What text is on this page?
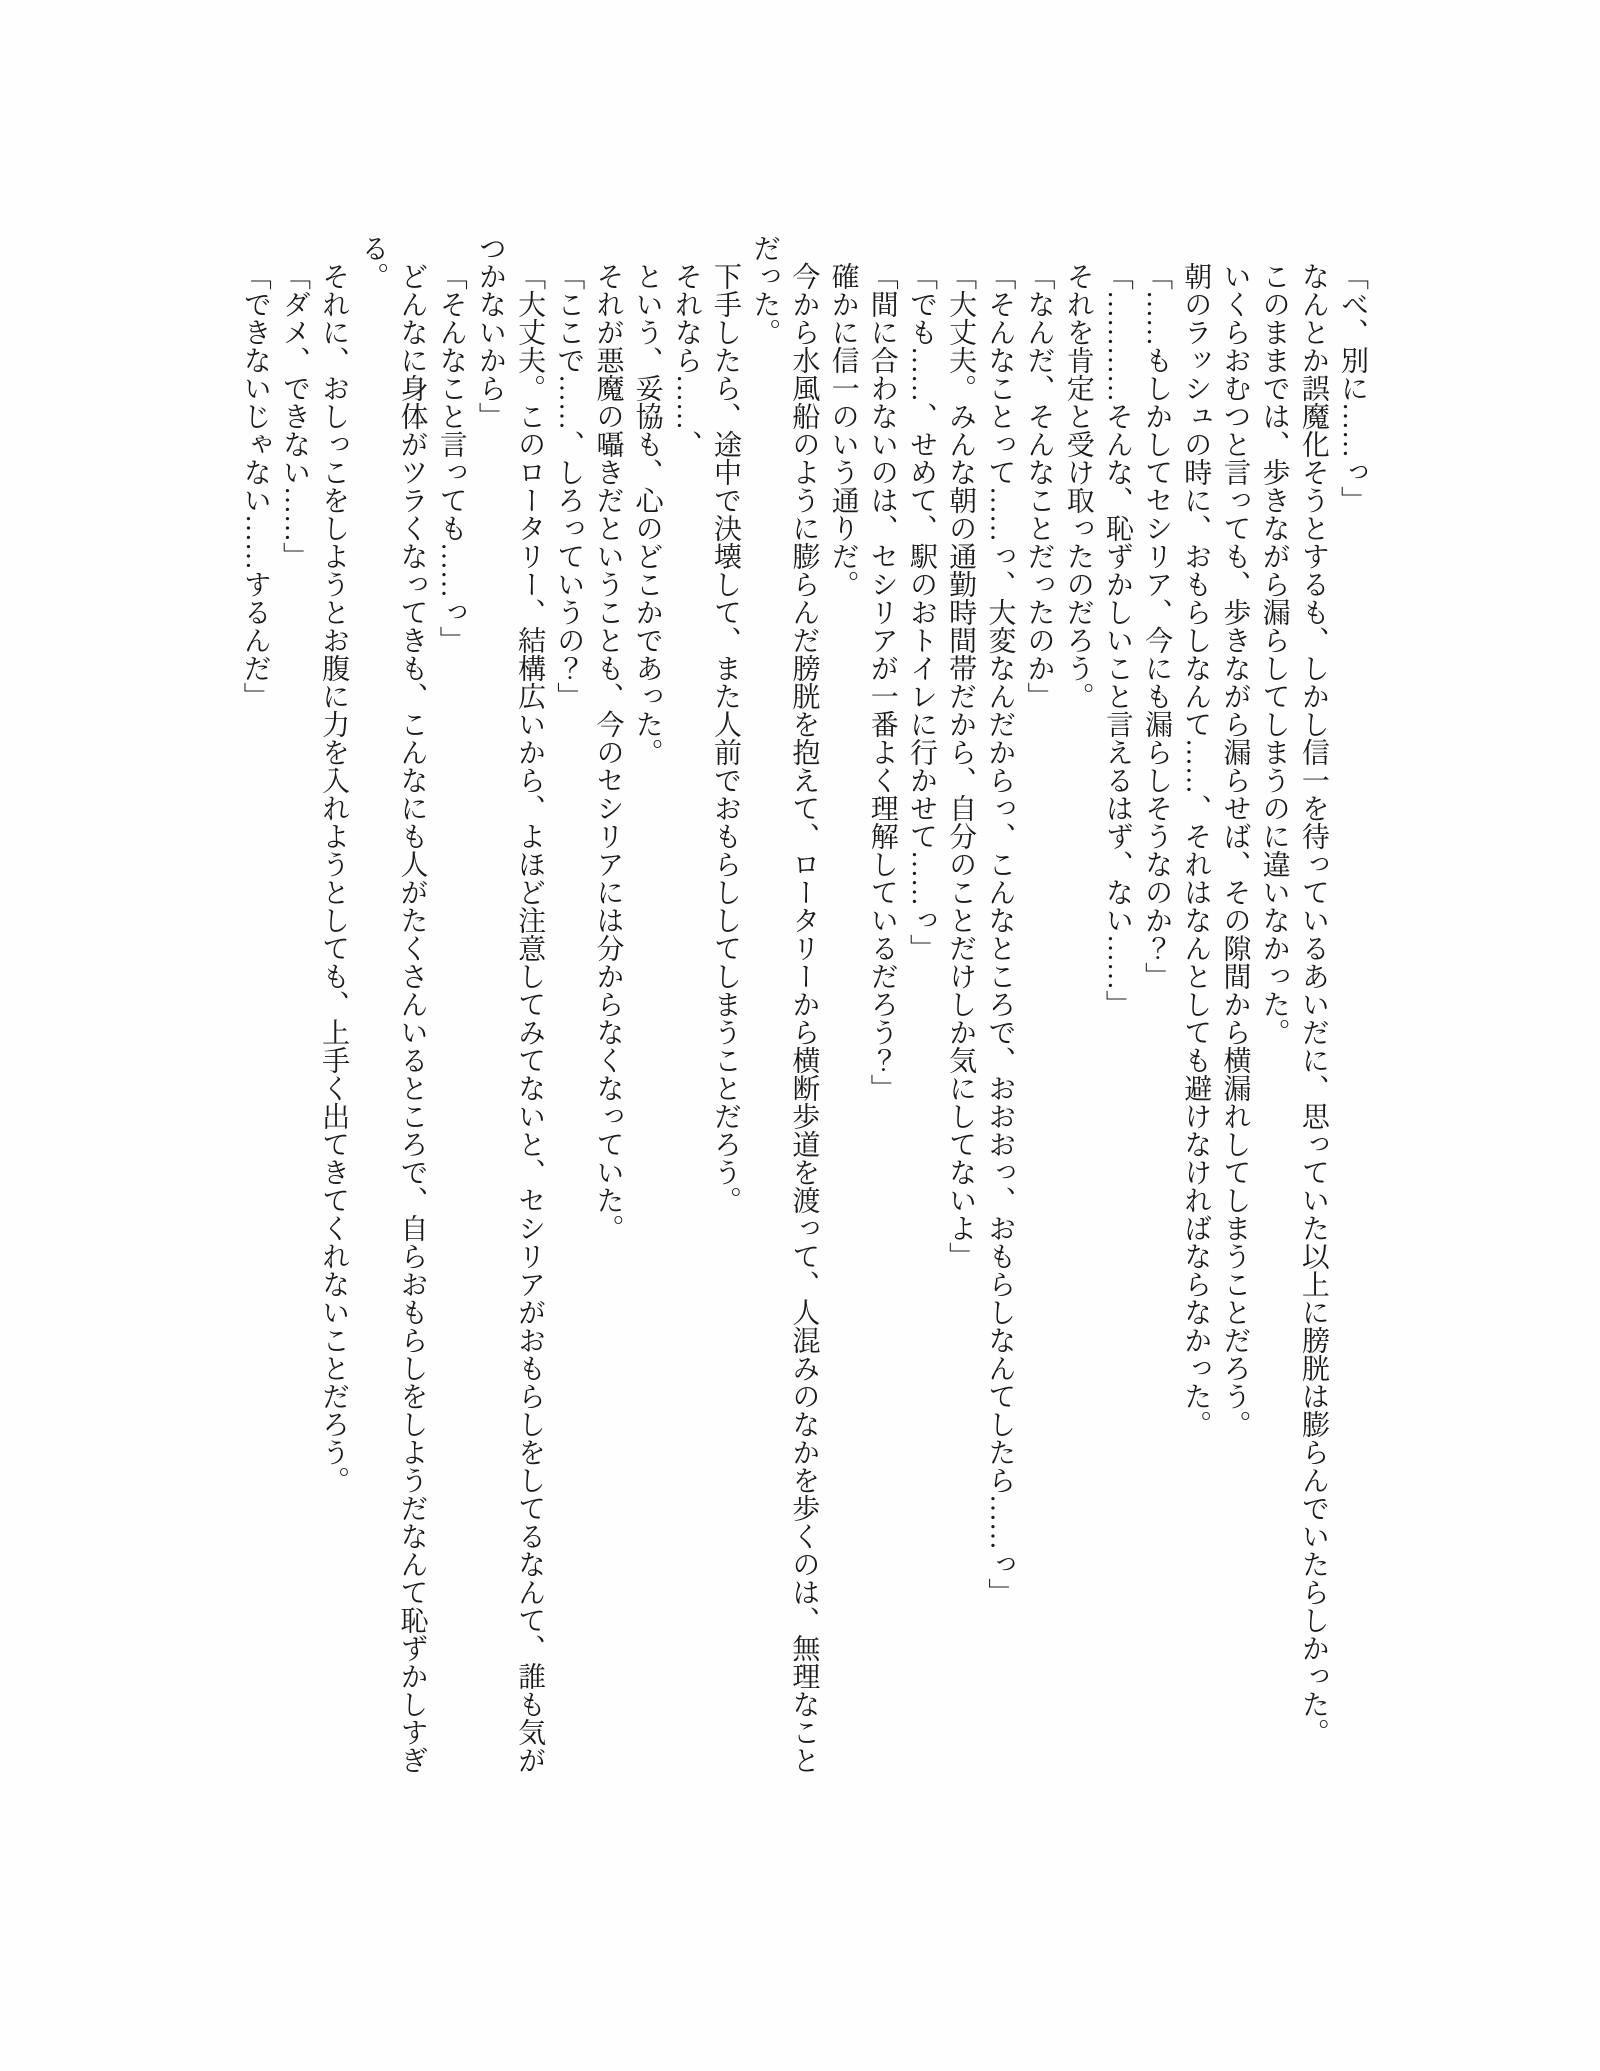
「べ、別に……っ」

なんとか誤魔化そうとするも、しかし信一を待っているあいだに、思っていた以上に膀胱は膨らんでいたらしかった。

このままでは、歩きながら漏らしてしまうのに違いなかった。

いくらおむつと言っても、歩きながら漏らせば、その隙間から横漏れしてしまうことだろう。

朝のラッシュの時に、おもらしなんて……、それはなんとしても避けなければならなかった。

「……もしかしてセシリア、今にも漏らしそうなのか？」

「…………そんな、恥ずかしいこと言えるはず、ない……」

それを肯定と受け取ったのだろう。

「なんだ、そんなことだったのか」

「そんなことって……っ、大変なんだからっ、こんなところで、おおおっ、おもらしなんてしたら……っ」

「大丈夫。みんな朝の通勤時間帯だから、自分のことだけしか気にしてないよ」

「でも……、せめて、駅のおトイレに行かせて……っ」

「間に合わないのは、セシリアが一番よく理解しているだろう？」

確かに信一のいう通りだ。

今から水風船のように膨らんだ膀胱を抱えて、ロータリーから横断歩道を渡って、人混みのなかを歩くのは、無理なことだった。

下手したら、途中で決壊して、また人前でおもらししてしまうことだろう。

それなら……、

という、妥協も、心のどこかであった。

それが悪魔の囁きだということも、今のセシリアには分からなくなっていた。

「ここで……、しろっていうの？」

「大丈夫。このロータリー、結構広いから、よほど注意してみてないと、セシリアがおもらしをしてるなんて、誰も気がつかないから」

「そんなこと言っても……っ」

どんなに身体がツラくなってきも、こんなにも人がたくさんいるところで、自らおもらしをしようだなんて恥ずかしすぎる。

それに、おしっこをしようとお腹に力を入れようとしても、上手く出てきてくれないことだろう。

「ダメ、できない……」

「できないじゃない……するんだ」
